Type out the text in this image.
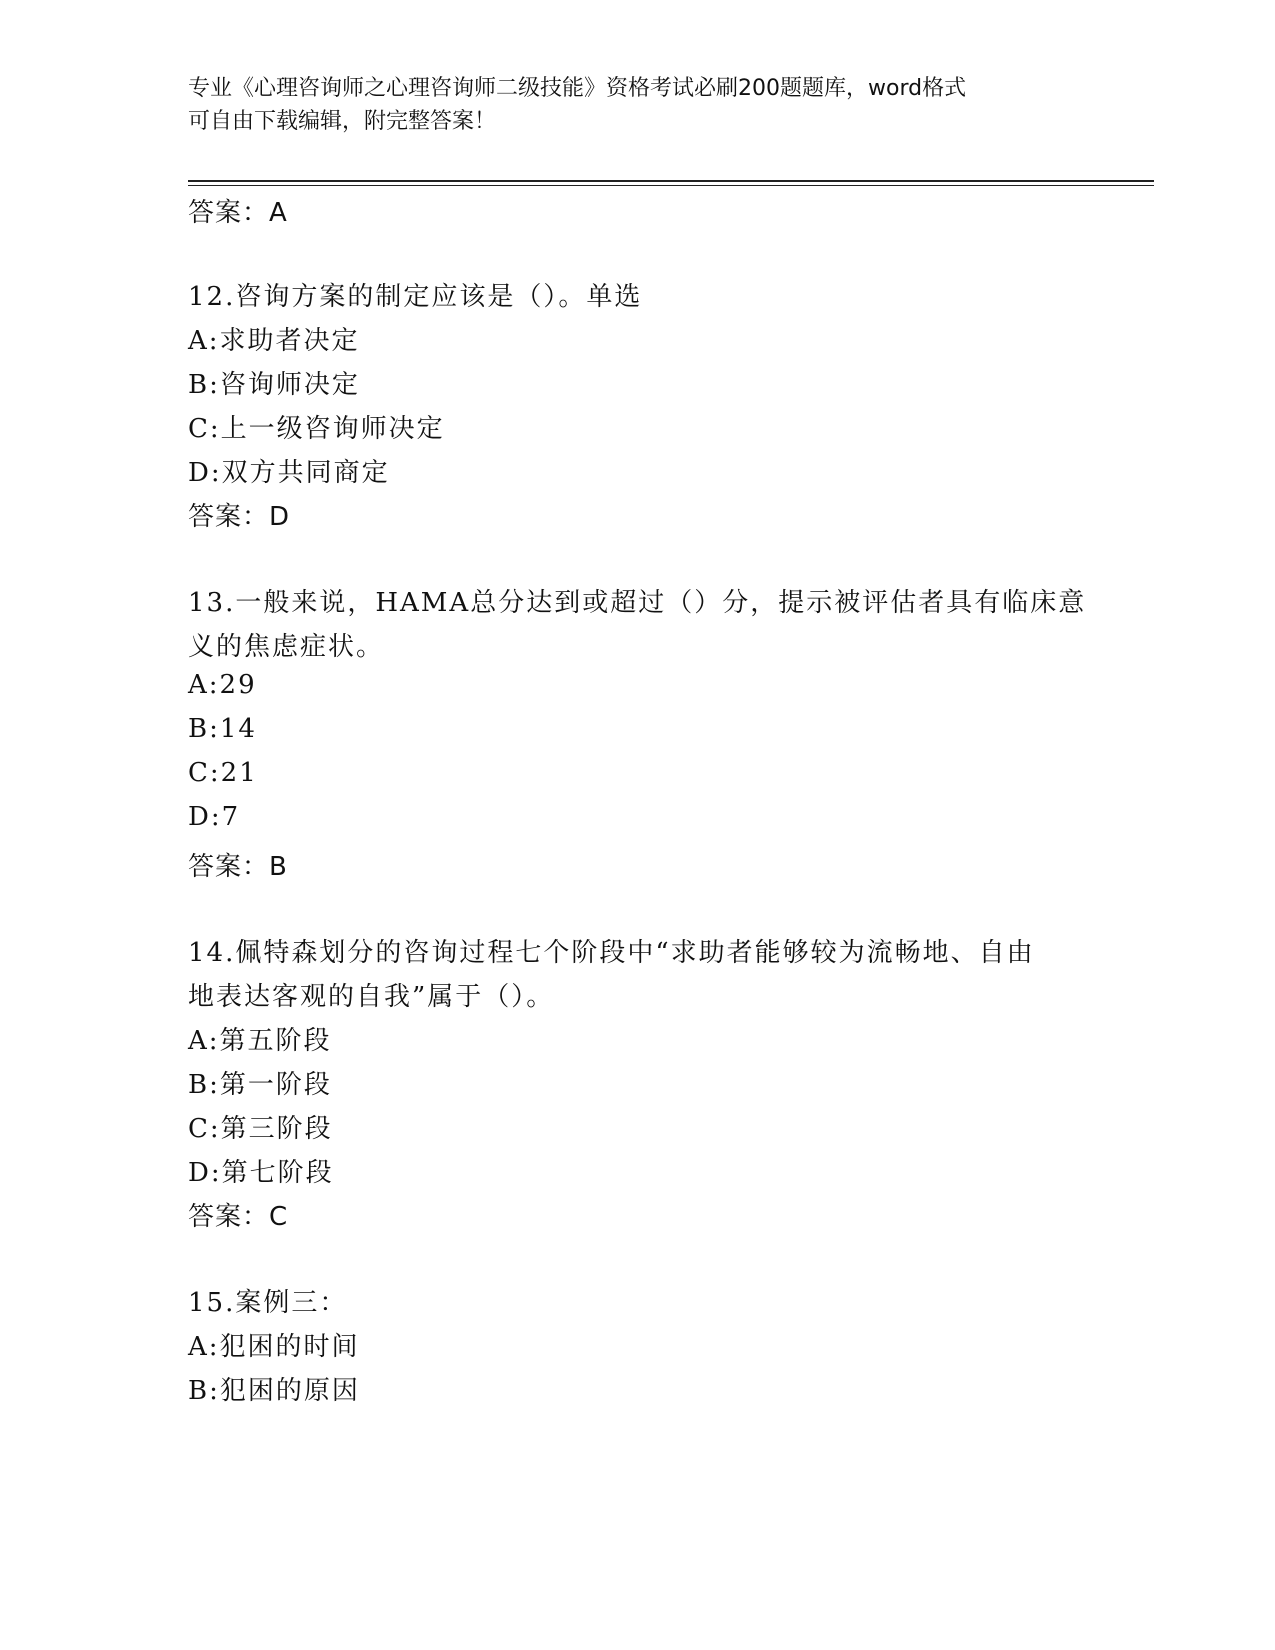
专业《心理咨询师之心理咨询师二级技能》资格考试必刷200题题库，word格式
可自由下载编辑，附完整答案！
答案：A
12.咨询方案的制定应该是（）。单选
A:求助者决定
B:咨询师决定
C:上一级咨询师决定
D:双方共同商定
答案：D
13.一般来说，HAMA总分达到或超过（）分，提示被评估者具有临床意
义的焦虑症状。
A:29
B:14
C:21
D:7
答案：B
14.佩特森划分的咨询过程七个阶段中“求助者能够较为流畅地、自由
地表达客观的自我”属于（）。
A:第五阶段
B:第一阶段
C:第三阶段
D:第七阶段
答案：C
15.案例三：
A:犯困的时间
B:犯困的原因
